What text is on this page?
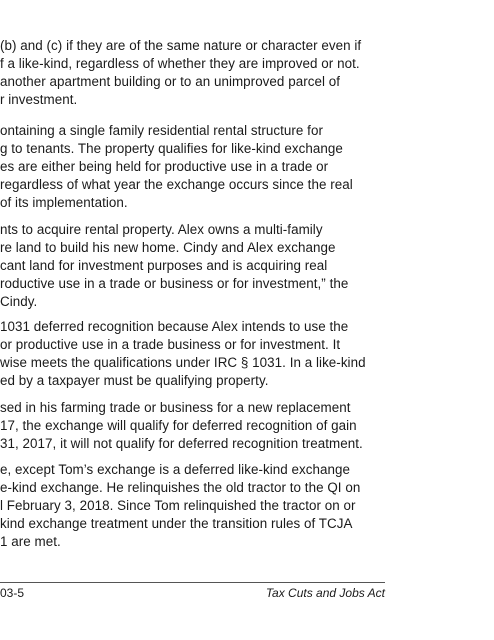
(b) and (c) if they are of the same nature or character even if
f a like-kind, regardless of whether they are improved or not.
another apartment building or to an unimproved parcel of
r investment.
ontaining a single family residential rental structure for
g to tenants. The property qualifies for like-kind exchange
es are either being held for productive use in a trade or
regardless of what year the exchange occurs since the real
of its implementation.
nts to acquire rental property. Alex owns a multi-family
re land to build his new home. Cindy and Alex exchange
cant land for investment purposes and is acquiring real
roductive use in a trade or business or for investment,” the
Cindy.
1031 deferred recognition because Alex intends to use the
or productive use in a trade business or for investment. It
wise meets the qualifications under IRC § 1031. In a like-kind
ed by a taxpayer must be qualifying property.
sed in his farming trade or business for a new replacement
17, the exchange will qualify for deferred recognition of gain
31, 2017, it will not qualify for deferred recognition treatment.
e, except Tom’s exchange is a deferred like-kind exchange
e-kind exchange. He relinquishes the old tractor to the QI on
l February 3, 2018. Since Tom relinquished the tractor on or
kind exchange treatment under the transition rules of TCJA
1 are met.
03-5	Tax Cuts and Jobs Act
